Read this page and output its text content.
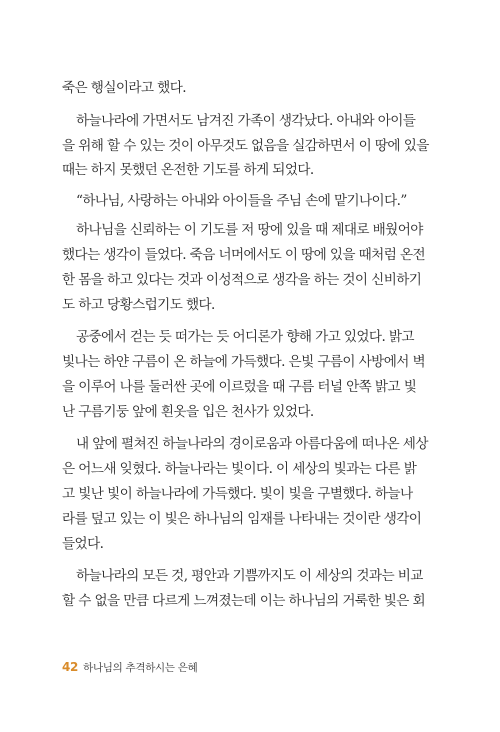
죽은 행실이라고 했다.
하늘나라에 가면서도 남겨진 가족이 생각났다. 아내와 아이들
을 위해 할 수 있는 것이 아무것도 없음을 실감하면서 이 땅에 있을
때는 하지 못했던 온전한 기도를 하게 되었다.
“하나님, 사랑하는 아내와 아이들을 주님 손에 맡기나이다.”
하나님을 신뢰하는 이 기도를 저 땅에 있을 때 제대로 배웠어야
했다는 생각이 들었다. 죽음 너머에서도 이 땅에 있을 때처럼 온전
한 몸을 하고 있다는 것과 이성적으로 생각을 하는 것이 신비하기
도 하고 당황스럽기도 했다.
공중에서 걷는 듯 떠가는 듯 어디론가 향해 가고 있었다. 밝고
빛나는 하얀 구름이 온 하늘에 가득했다. 은빛 구름이 사방에서 벽
을 이루어 나를 둘러싼 곳에 이르렀을 때 구름 터널 안쪽 밝고 빛
난 구름기둥 앞에 흰옷을 입은 천사가 있었다.
내 앞에 펼쳐진 하늘나라의 경이로움과 아름다움에 떠나온 세상
은 어느새 잊혔다. 하늘나라는 빛이다. 이 세상의 빛과는 다른 밝
고 빛난 빛이 하늘나라에 가득했다. 빛이 빛을 구별했다. 하늘나
라를 덮고 있는 이 빛은 하나님의 임재를 나타내는 것이란 생각이
들었다.
하늘나라의 모든 것, 평안과 기쁨까지도 이 세상의 것과는 비교
할 수 없을 만큼 다르게 느껴졌는데 이는 하나님의 거룩한 빛은 회
42 하나님의 추격하시는 은혜
